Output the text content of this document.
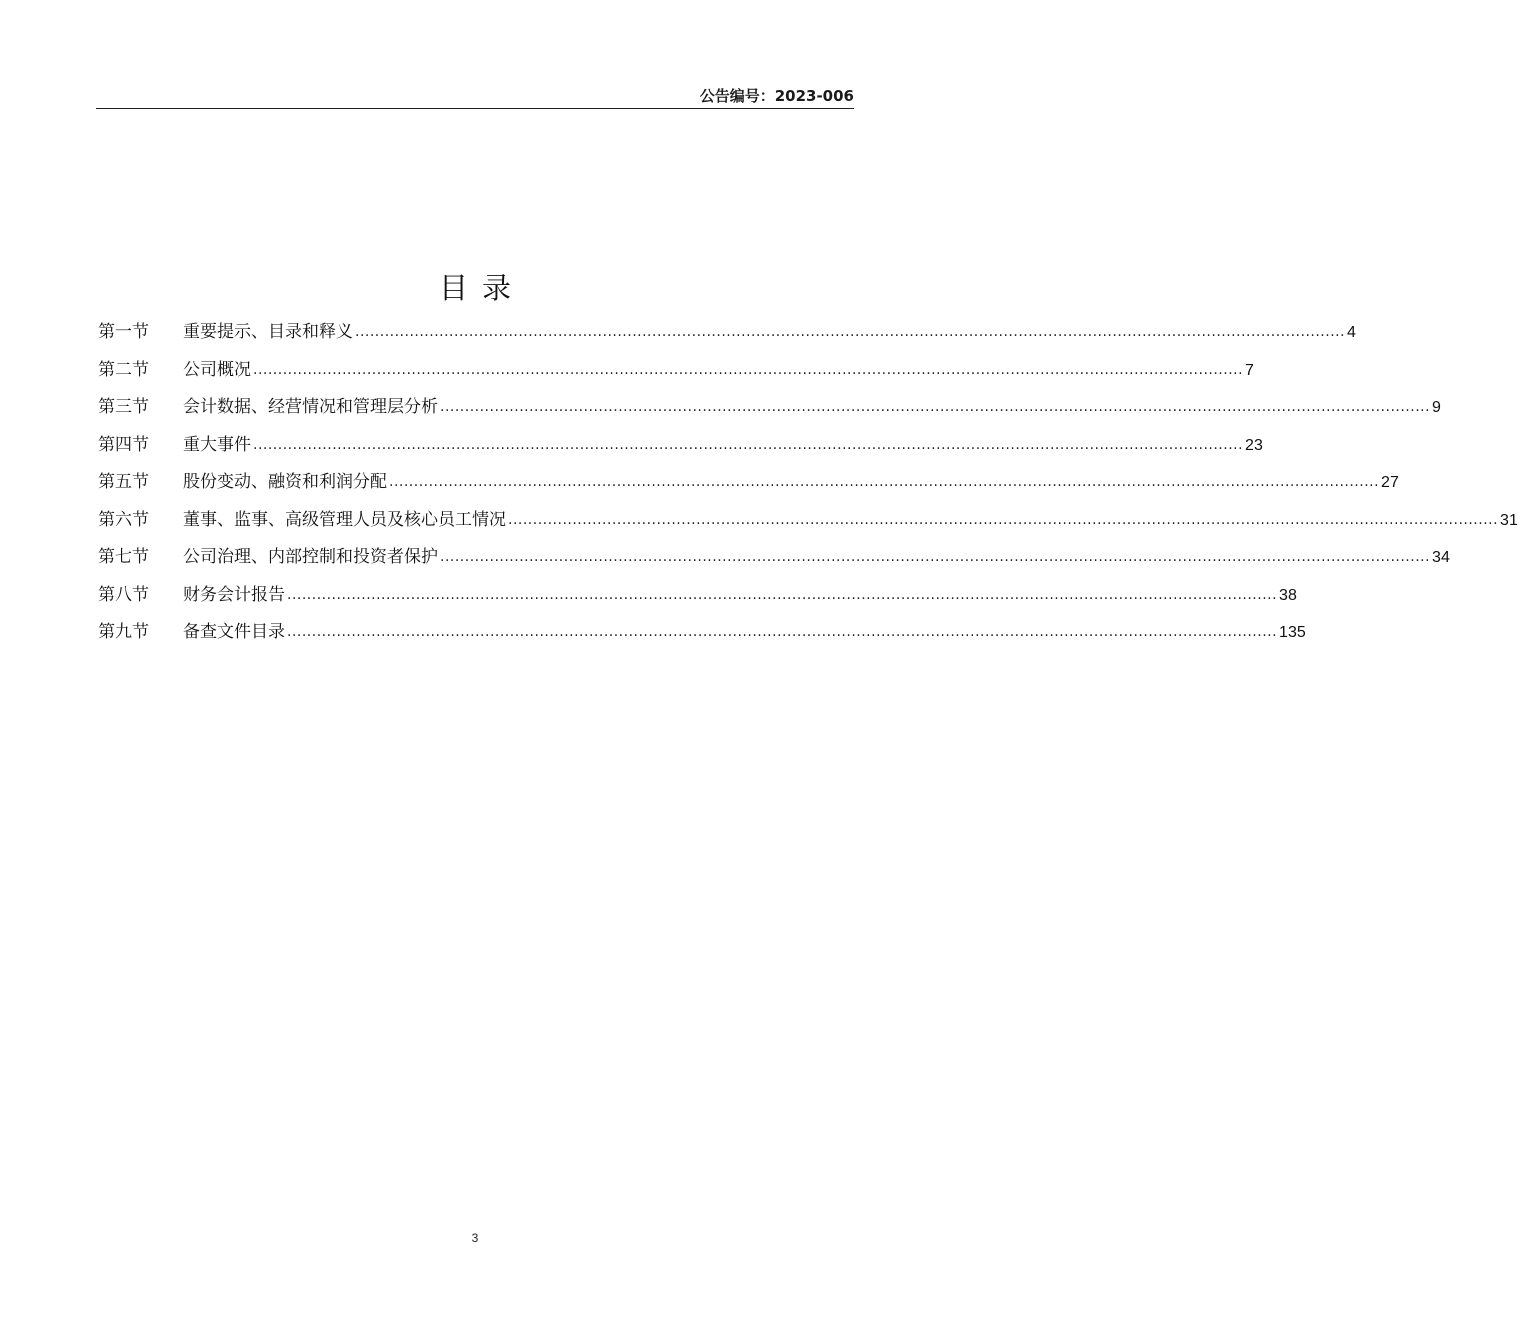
公告编号：2023-006
目录
第一节	重要提示、目录和释义 ........................................................................................................................................................................................................ 4
第二节	公司概况 ........................................................................................................................................................................................................ 7
第三节	会计数据、经营情况和管理层分析 ........................................................................................................................................................................................................ 9
第四节	重大事件 ........................................................................................................................................................................................................ 23
第五节	股份变动、融资和利润分配 ........................................................................................................................................................................................................ 27
第六节	董事、监事、高级管理人员及核心员工情况 ........................................................................................................................................................................................................ 31
第七节	公司治理、内部控制和投资者保护 ........................................................................................................................................................................................................ 34
第八节	财务会计报告 ........................................................................................................................................................................................................ 38
第九节	备查文件目录 ........................................................................................................................................................................................................ 135
3
